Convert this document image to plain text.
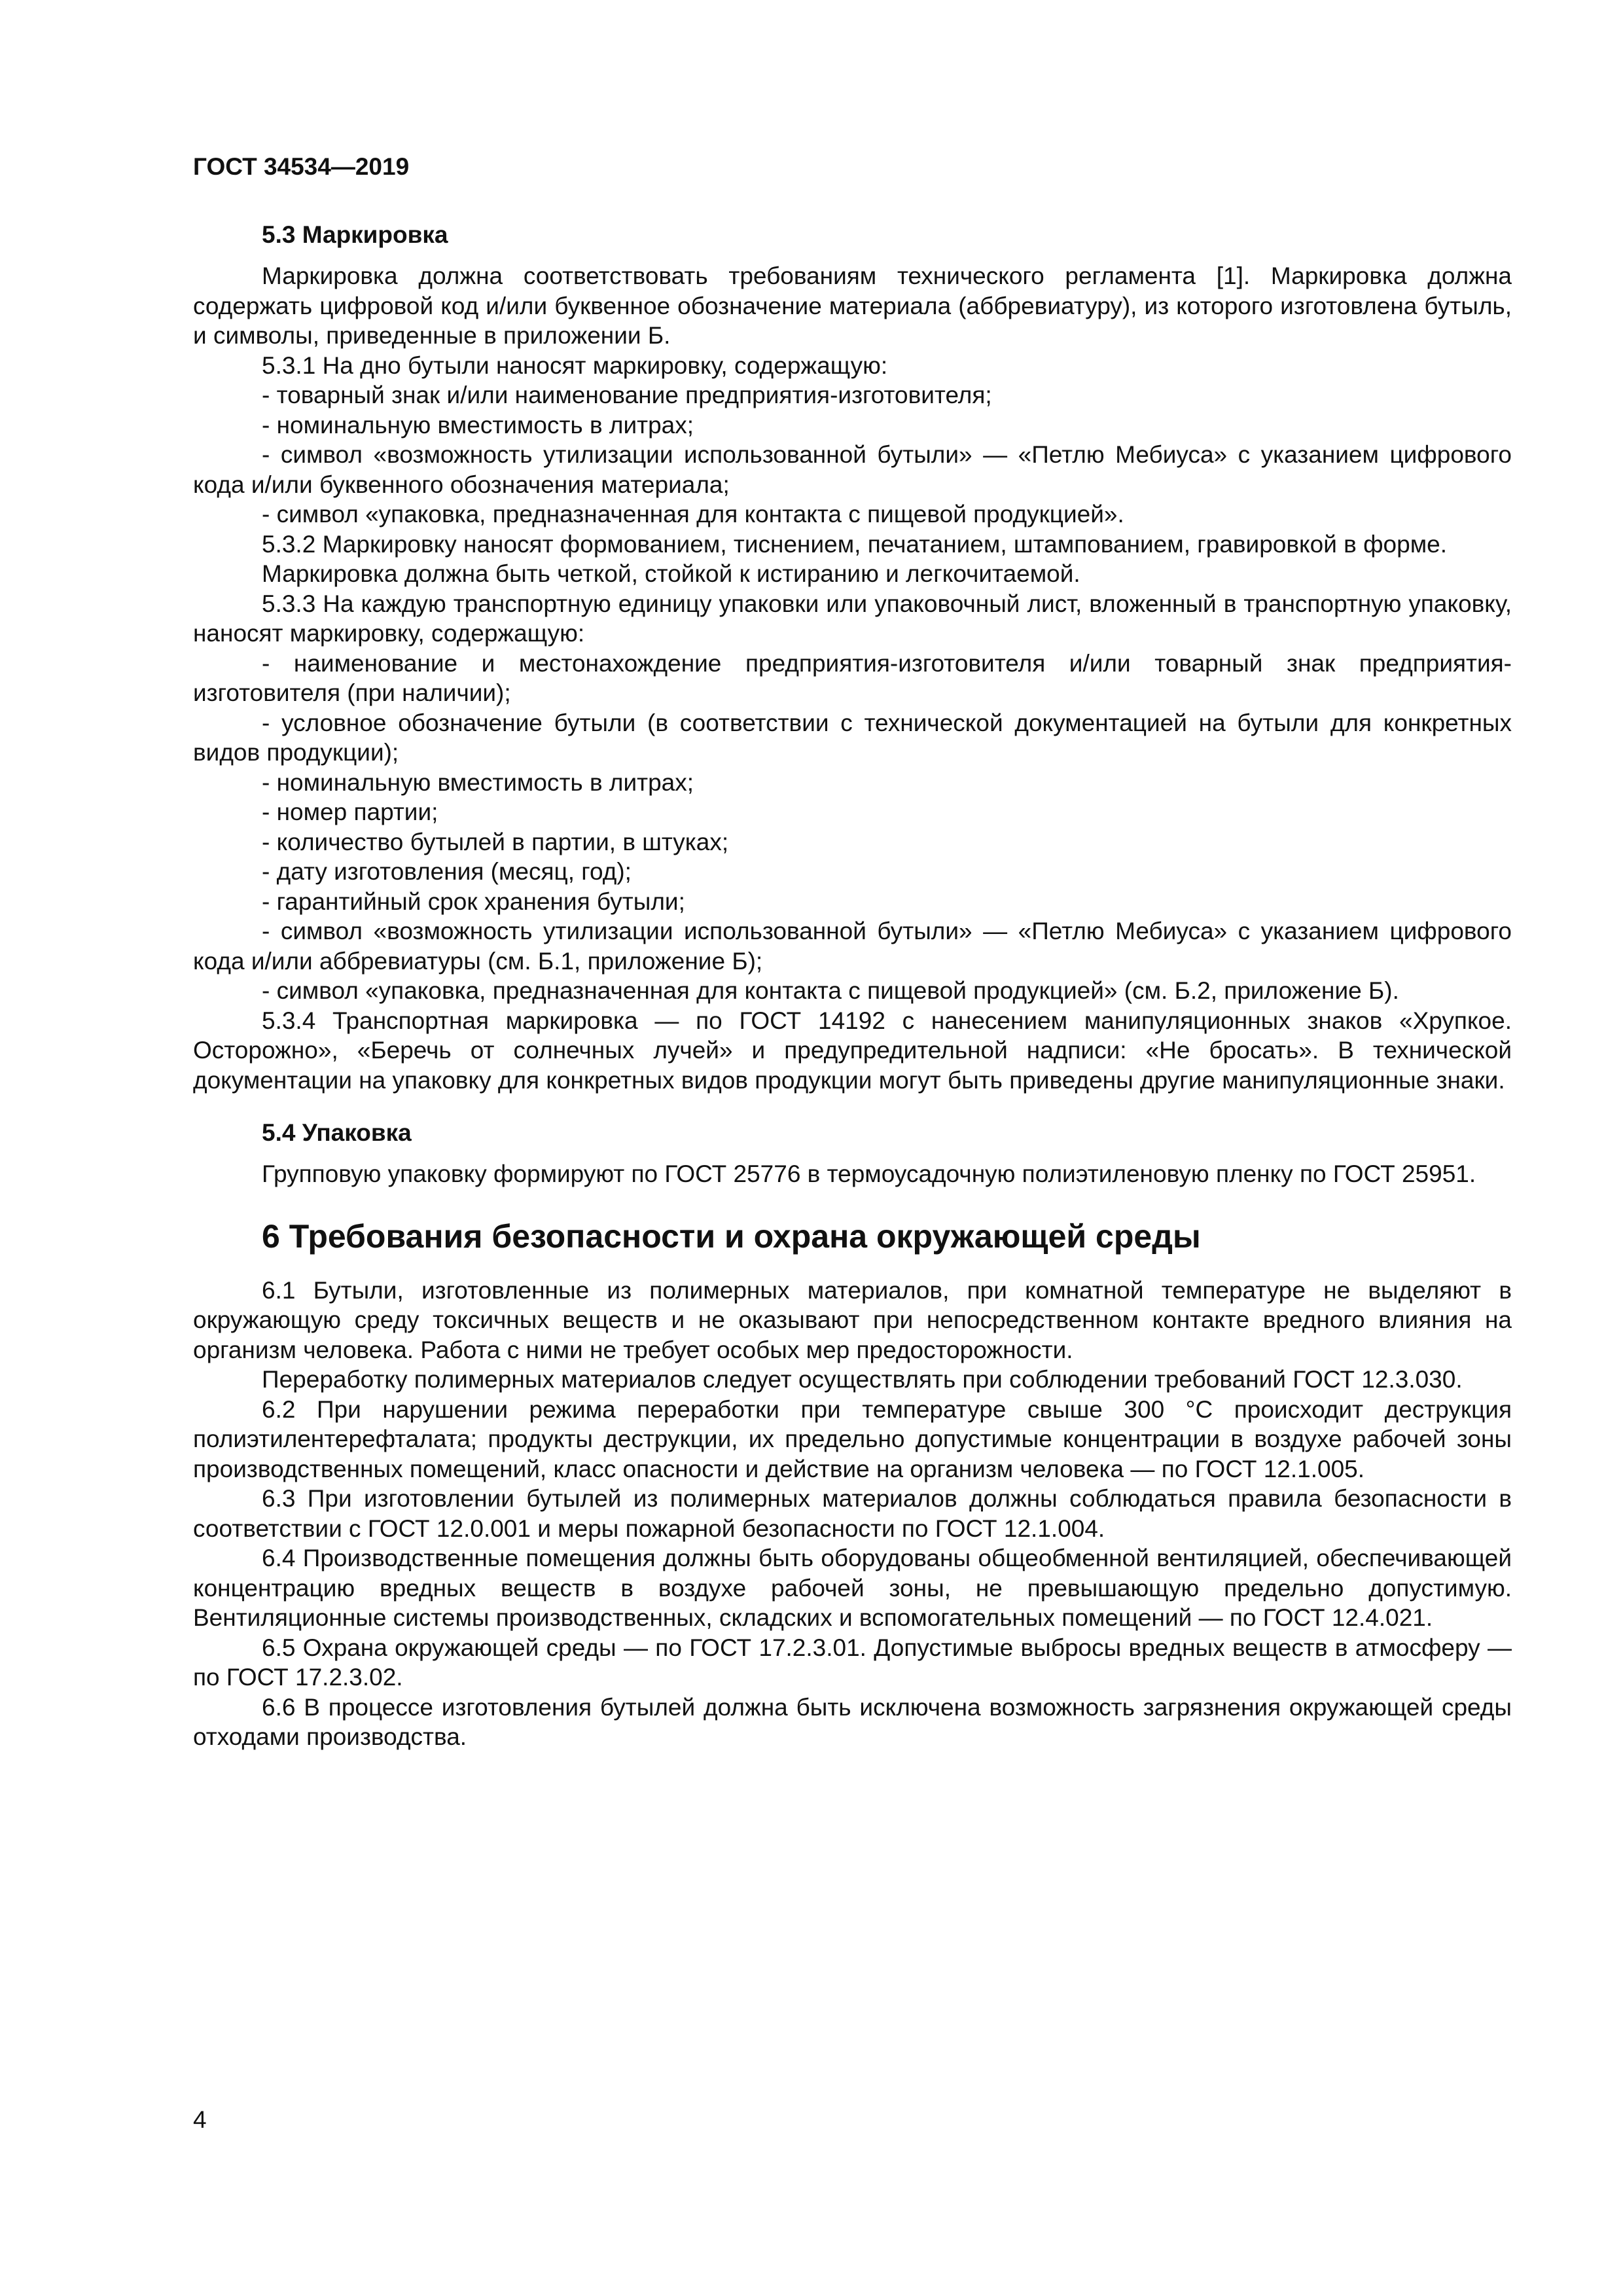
ГОСТ 34534—2019
5.3 Маркировка

Маркировка должна соответствовать требованиям технического регламента [1]. Маркировка должна содержать цифровой код и/или буквенное обозначение материала (аббревиатуру), из которого изготовлена бутыль, и символы, приведенные в приложении Б.

5.3.1 На дно бутыли наносят маркировку, содержащую:

- товарный знак и/или наименование предприятия-изготовителя;

- номинальную вместимость в литрах;

- символ «возможность утилизации использованной бутыли» — «Петлю Мебиуса» с указанием цифрового кода и/или буквенного обозначения материала;

- символ «упаковка, предназначенная для контакта с пищевой продукцией».

5.3.2 Маркировку наносят формованием, тиснением, печатанием, штампованием, гравировкой в форме.

Маркировка должна быть четкой, стойкой к истиранию и легкочитаемой.

5.3.3 На каждую транспортную единицу упаковки или упаковочный лист, вложенный в транспортную упаковку, наносят маркировку, содержащую:

- наименование и местонахождение предприятия-изготовителя и/или товарный знак предприятия-изготовителя (при наличии);

- условное обозначение бутыли (в соответствии с технической документацией на бутыли для конкретных видов продукции);

- номинальную вместимость в литрах;

- номер партии;

- количество бутылей в партии, в штуках;

- дату изготовления (месяц, год);

- гарантийный срок хранения бутыли;

- символ «возможность утилизации использованной бутыли» — «Петлю Мебиуса» с указанием цифрового кода и/или аббревиатуры (см. Б.1, приложение Б);

- символ «упаковка, предназначенная для контакта с пищевой продукцией» (см. Б.2, приложение Б).

5.3.4 Транспортная маркировка — по ГОСТ 14192 с нанесением манипуляционных знаков «Хрупкое. Осторожно», «Беречь от солнечных лучей» и предупредительной надписи: «Не бросать». В технической документации на упаковку для конкретных видов продукции могут быть приведены другие манипуляционные знаки.

5.4 Упаковка

Групповую упаковку формируют по ГОСТ 25776 в термоусадочную полиэтиленовую пленку по ГОСТ 25951.

6 Требования безопасности и охрана окружающей среды

6.1 Бутыли, изготовленные из полимерных материалов, при комнатной температуре не выделяют в окружающую среду токсичных веществ и не оказывают при непосредственном контакте вредного влияния на организм человека. Работа с ними не требует особых мер предосторожности.

Переработку полимерных материалов следует осуществлять при соблюдении требований ГОСТ 12.3.030.

6.2 При нарушении режима переработки при температуре свыше 300 °С происходит деструкция полиэтилентерефталата; продукты деструкции, их предельно допустимые концентрации в воздухе рабочей зоны производственных помещений, класс опасности и действие на организм человека — по ГОСТ 12.1.005.

6.3 При изготовлении бутылей из полимерных материалов должны соблюдаться правила безопасности в соответствии с ГОСТ 12.0.001 и меры пожарной безопасности по ГОСТ 12.1.004.

6.4 Производственные помещения должны быть оборудованы общеобменной вентиляцией, обеспечивающей концентрацию вредных веществ в воздухе рабочей зоны, не превышающую предельно допустимую. Вентиляционные системы производственных, складских и вспомогательных помещений — по ГОСТ 12.4.021.

6.5 Охрана окружающей среды — по ГОСТ 17.2.3.01. Допустимые выбросы вредных веществ в атмосферу — по ГОСТ 17.2.3.02.

6.6 В процессе изготовления бутылей должна быть исключена возможность загрязнения окружающей среды отходами производства.

4
